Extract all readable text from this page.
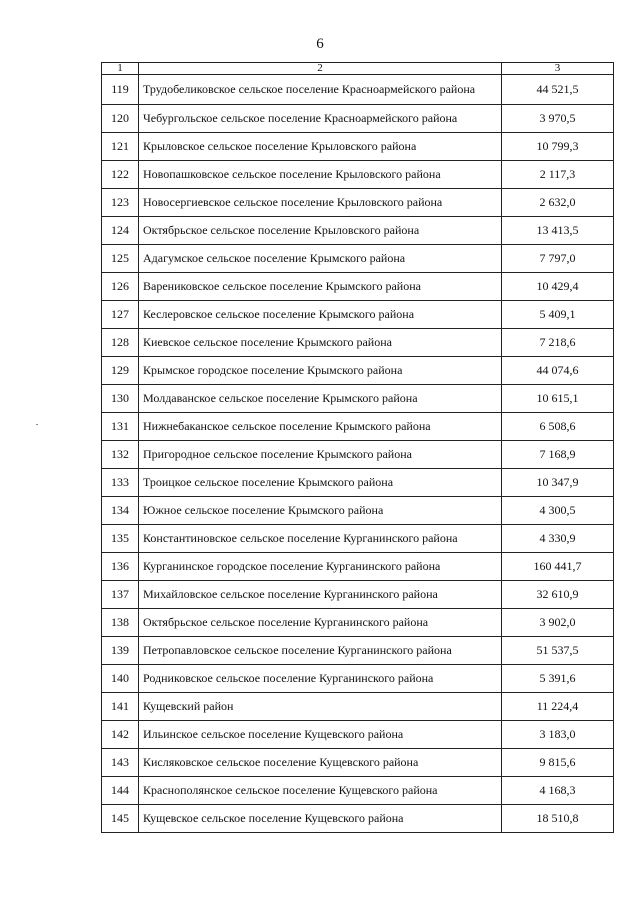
6
1	2	3
119	Трудобеликовское сельское поселение Красноармейского района	44 521,5
120	Чебургольское сельское поселение Красноармейского района	3 970,5
121	Крыловское сельское поселение Крыловского района	10 799,3
122	Новопашковское сельское поселение Крыловского района	2 117,3
123	Новосергиевское сельское поселение Крыловского района	2 632,0
124	Октябрьское сельское поселение Крыловского района	13 413,5
125	Адагумское сельское поселение Крымского района	7 797,0
126	Варениковское сельское поселение Крымского района	10 429,4
127	Кеслеровское сельское поселение Крымского района	5 409,1
128	Киевское сельское поселение Крымского района	7 218,6
129	Крымское городское поселение Крымского района	44 074,6
130	Молдаванское сельское поселение Крымского района	10 615,1
131	Нижнебаканское сельское поселение Крымского района	6 508,6
132	Пригородное сельское поселение Крымского района	7 168,9
133	Троицкое сельское поселение Крымского района	10 347,9
134	Южное сельское поселение Крымского района	4 300,5
135	Константиновское сельское поселение Курганинского района	4 330,9
136	Курганинское городское поселение Курганинского района	160 441,7
137	Михайловское сельское поселение Курганинского района	32 610,9
138	Октябрьское сельское поселение Курганинского района	3 902,0
139	Петропавловское сельское поселение Курганинского района	51 537,5
140	Родниковское сельское поселение Курганинского района	5 391,6
141	Кущевский район	11 224,4
142	Ильинское сельское поселение Кущевского района	3 183,0
143	Кисляковское сельское поселение Кущевского района	9 815,6
144	Краснополянское сельское поселение Кущевского района	4 168,3
145	Кущевское сельское поселение Кущевского района	18 510,8
